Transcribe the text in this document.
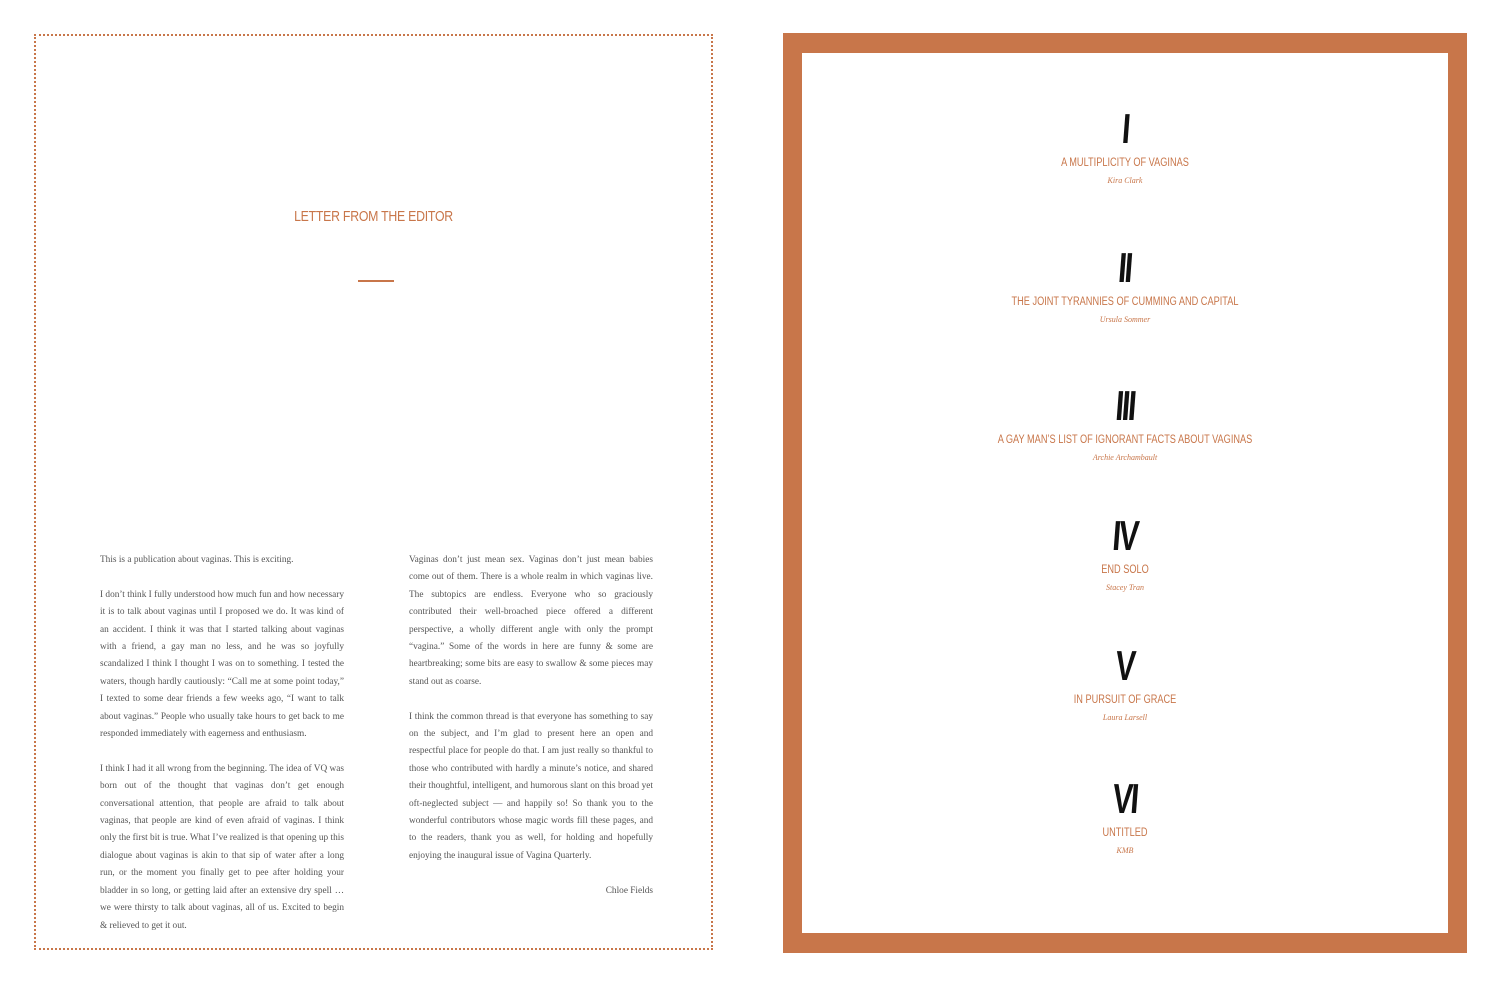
LETTER FROM THE EDITOR

This is a publication about vaginas. This is exciting.

I don’t think I fully understood how much fun and how necessary it is to talk about vaginas until I proposed we do. It was kind of an accident. I think it was that I started talking about vaginas with a friend, a gay man no less, and he was so joyfully scandalized I think I thought I was on to something. I tested the waters, though hardly cautiously: “Call me at some point today,” I texted to some dear friends a few weeks ago, “I want to talk about vaginas.” People who usually take hours to get back to me responded immediately with eagerness and enthusiasm.

I think I had it all wrong from the beginning. The idea of VQ was born out of the thought that vaginas don’t get enough conversational attention, that people are afraid to talk about vaginas, that people are kind of even afraid of vaginas. I think only the first bit is true. What I’ve realized is that opening up this dialogue about vaginas is akin to that sip of water after a long run, or the moment you finally get to pee after holding your bladder in so long, or getting laid after an extensive dry spell … we were thirsty to talk about vaginas, all of us. Excited to begin & relieved to get it out.

Vaginas don’t just mean sex. Vaginas don’t just mean babies come out of them. There is a whole realm in which vaginas live. The subtopics are endless. Everyone who so graciously contributed their well-broached piece offered a different perspective, a wholly different angle with only the prompt “vagina.” Some of the words in here are funny & some are heartbreaking; some bits are easy to swallow & some pieces may stand out as coarse.

I think the common thread is that everyone has something to say on the subject, and I’m glad to present here an open and respectful place for people do that. I am just really so thankful to those who contributed with hardly a minute’s notice, and shared their thoughtful, intelligent, and humorous slant on this broad yet oft-neglected subject — and happily so! So thank you to the wonderful contributors whose magic words fill these pages, and to the readers, thank you as well, for holding and hopefully enjoying the inaugural issue of Vagina Quarterly.

Chloe Fields

I
A MULTIPLICITY OF VAGINAS
Kira Clark
II
THE JOINT TYRANNIES OF CUMMING AND CAPITAL
Ursula Sommer
III
A GAY MAN’S LIST OF IGNORANT FACTS ABOUT VAGINAS
Archie Archambault
IV
END SOLO
Stacey Tran
V
IN PURSUIT OF GRACE
Laura Larsell
VI
UNTITLED
KMB
